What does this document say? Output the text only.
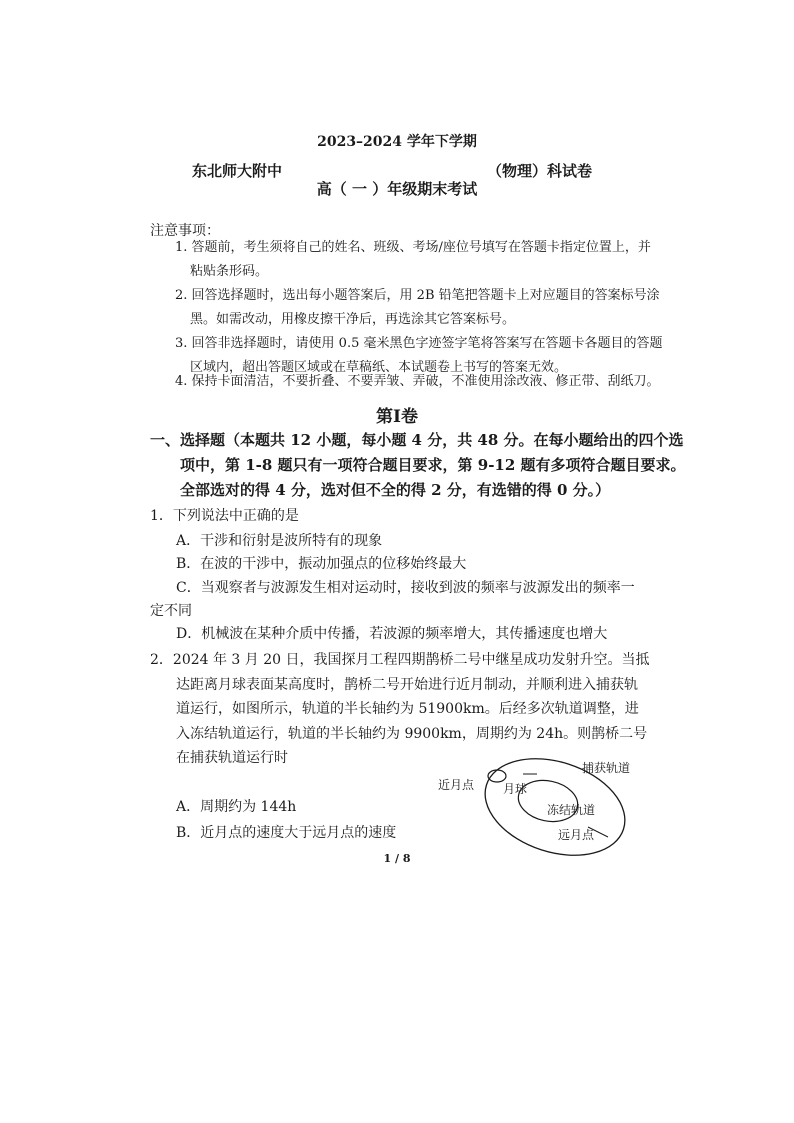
2023–2024 学年下学期
东北师大附中	（物理）科试卷
高（ 一 ）年级期末考试
注意事项：
1. 答题前，考生须将自己的姓名、班级、考场/座位号填写在答题卡指定位置上，并
粘贴条形码。
2. 回答选择题时，选出每小题答案后，用 2B 铅笔把答题卡上对应题目的答案标号涂
黑。如需改动，用橡皮擦干净后，再选涂其它答案标号。
3. 回答非选择题时，请使用 0.5 毫米黑色字迹签字笔将答案写在答题卡各题目的答题
区域内，超出答题区域或在草稿纸、本试题卷上书写的答案无效。
4. 保持卡面清洁，不要折叠、不要弄皱、弄破，不准使用涂改液、修正带、刮纸刀。
第Ⅰ卷
一、选择题（本题共 12 小题，每小题 4 分，共 48 分。在每小题给出的四个选
项中，第 1-8 题只有一项符合题目要求，第 9-12 题有多项符合题目要求。
全部选对的得 4 分，选对但不全的得 2 分，有选错的得 0 分。）
1．下列说法中正确的是
A．干涉和衍射是波所特有的现象
B．在波的干涉中，振动加强点的位移始终最大
C．当观察者与波源发生相对运动时，接收到波的频率与波源发出的频率一
定不同
D．机械波在某种介质中传播，若波源的频率增大，其传播速度也增大
2．2024 年 3 月 20 日，我国探月工程四期鹊桥二号中继星成功发射升空。当抵
达距离月球表面某高度时，鹊桥二号开始进行近月制动，并顺利进入捕获轨
道运行，如图所示，轨道的半长轴约为 51900km。后经多次轨道调整，进
入冻结轨道运行，轨道的半长轴约为 9900km，周期约为 24h。则鹊桥二号
在捕获轨道运行时
A．周期约为 144h
B．近月点的速度大于远月点的速度
捕获轨道
近月点 月球
冻结轨道
远月点
1 / 8
